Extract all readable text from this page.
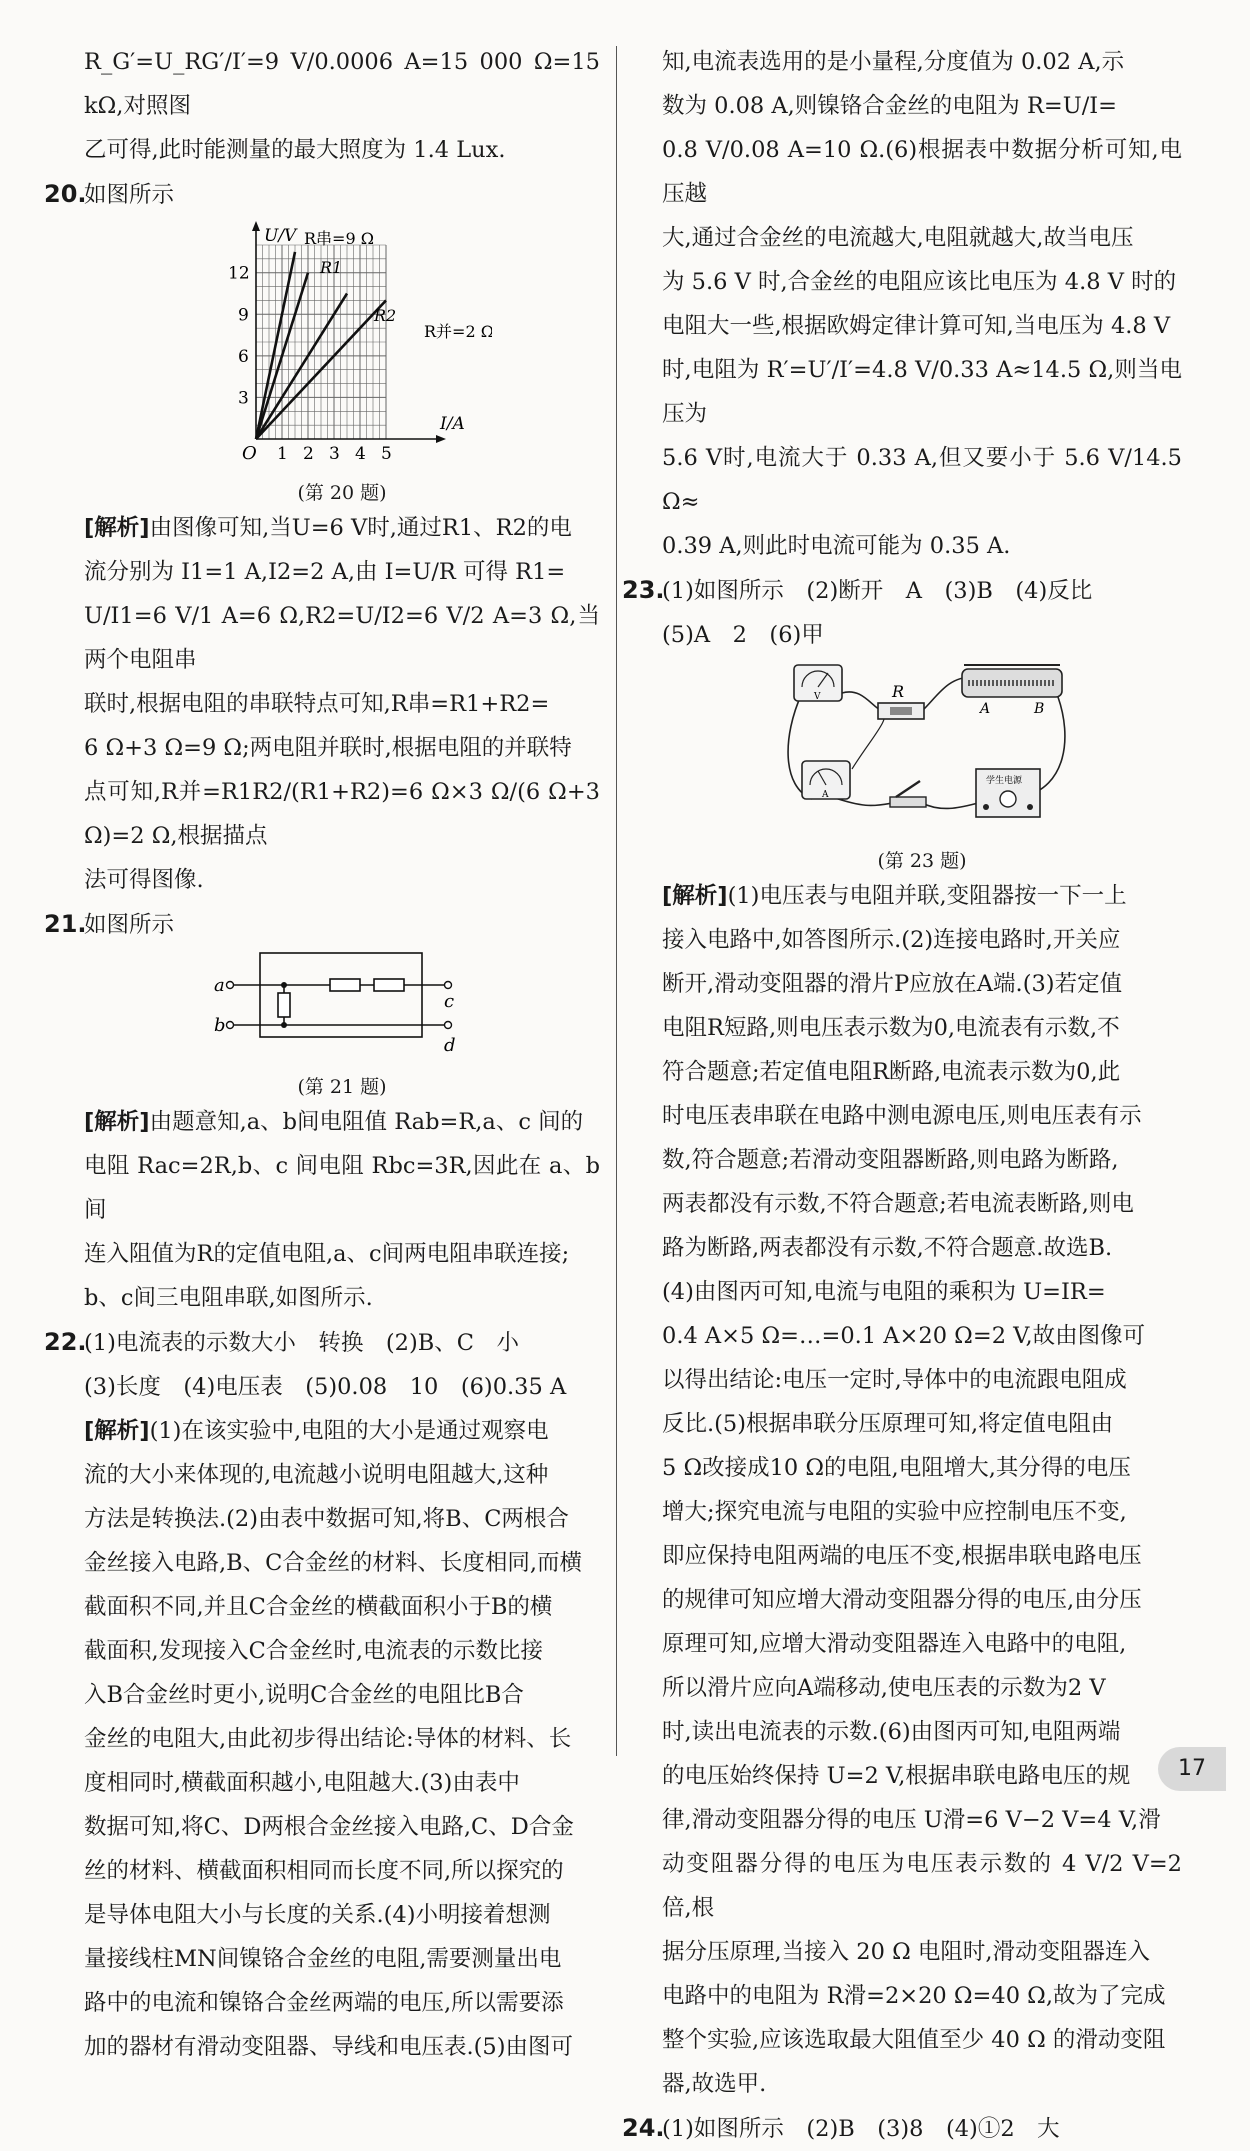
R_G′=U_RG′/I′=9 V/0.0006 A=15 000 Ω=15 kΩ,对照图

乙可得,此时能测量的最大照度为 1.4 Lux.

20.如图所示

U/V
I/A
O
R串=9 Ω
R1
R2
R并=2 Ω
1 2 3 4 5
3
6
9
12
(第 20 题)

[解析]由图像可知,当U=6 V时,通过R1、R2的电

流分别为 I1=1 A,I2=2 A,由 I=U/R 可得 R1=

U/I1=6 V/1 A=6 Ω,R2=U/I2=6 V/2 A=3 Ω,当两个电阻串

联时,根据电阻的串联特点可知,R串=R1+R2=

6 Ω+3 Ω=9 Ω;两电阻并联时,根据电阻的并联特

点可知,R并=R1R2/(R1+R2)=6 Ω×3 Ω/(6 Ω+3 Ω)=2 Ω,根据描点

法可得图像.

21.如图所示

a
b
c
d
(第 21 题)

[解析]由题意知,a、b间电阻值 Rab=R,a、c 间的

电阻 Rac=2R,b、c 间电阻 Rbc=3R,因此在 a、b 间

连入阻值为R的定值电阻,a、c间两电阻串联连接;

b、c间三电阻串联,如图所示.

22.(1)电流表的示数大小　转换　(2)B、C　小

(3)长度　(4)电压表　(5)0.08　10　(6)0.35 A

[解析](1)在该实验中,电阻的大小是通过观察电

流的大小来体现的,电流越小说明电阻越大,这种

方法是转换法.(2)由表中数据可知,将B、C两根合

金丝接入电路,B、C合金丝的材料、长度相同,而横

截面积不同,并且C合金丝的横截面积小于B的横

截面积,发现接入C合金丝时,电流表的示数比接

入B合金丝时更小,说明C合金丝的电阻比B合

金丝的电阻大,由此初步得出结论:导体的材料、长

度相同时,横截面积越小,电阻越大.(3)由表中

数据可知,将C、D两根合金丝接入电路,C、D合金

丝的材料、横截面积相同而长度不同,所以探究的

是导体电阻大小与长度的关系.(4)小明接着想测

量接线柱MN间镍铬合金丝的电阻,需要测量出电

路中的电流和镍铬合金丝两端的电压,所以需要添

加的器材有滑动变阻器、导线和电压表.(5)由图可

知,电流表选用的是小量程,分度值为 0.02 A,示

数为 0.08 A,则镍铬合金丝的电阻为 R=U/I=

0.8 V/0.08 A=10 Ω.(6)根据表中数据分析可知,电压越

大,通过合金丝的电流越大,电阻就越大,故当电压

为 5.6 V 时,合金丝的电阻应该比电压为 4.8 V 时的

电阻大一些,根据欧姆定律计算可知,当电压为 4.8 V

时,电阻为 R′=U′/I′=4.8 V/0.33 A≈14.5 Ω,则当电压为

5.6 V时,电流大于 0.33 A,但又要小于 5.6 V/14.5 Ω≈

0.39 A,则此时电流可能为 0.35 A.

23.(1)如图所示　(2)断开　A　(3)B　(4)反比

(5)A　2　(6)甲

V	R
A	B
A
学生电源
(第 23 题)

[解析](1)电压表与电阻并联,变阻器按一下一上

接入电路中,如答图所示.(2)连接电路时,开关应

断开,滑动变阻器的滑片P应放在A端.(3)若定值

电阻R短路,则电压表示数为0,电流表有示数,不

符合题意;若定值电阻R断路,电流表示数为0,此

时电压表串联在电路中测电源电压,则电压表有示

数,符合题意;若滑动变阻器断路,则电路为断路,

两表都没有示数,不符合题意;若电流表断路,则电

路为断路,两表都没有示数,不符合题意.故选B.

(4)由图丙可知,电流与电阻的乘积为 U=IR=

0.4 A×5 Ω=…=0.1 A×20 Ω=2 V,故由图像可

以得出结论:电压一定时,导体中的电流跟电阻成

反比.(5)根据串联分压原理可知,将定值电阻由

5 Ω改接成10 Ω的电阻,电阻增大,其分得的电压

增大;探究电流与电阻的实验中应控制电压不变,

即应保持电阻两端的电压不变,根据串联电路电压

的规律可知应增大滑动变阻器分得的电压,由分压

原理可知,应增大滑动变阻器连入电路中的电阻,

所以滑片应向A端移动,使电压表的示数为2 V

时,读出电流表的示数.(6)由图丙可知,电阻两端

的电压始终保持 U=2 V,根据串联电路电压的规

律,滑动变阻器分得的电压 U滑=6 V−2 V=4 V,滑

动变阻器分得的电压为电压表示数的 4 V/2 V=2 倍,根

据分压原理,当接入 20 Ω 电阻时,滑动变阻器连入

电路中的电阻为 R滑=2×20 Ω=40 Ω,故为了完成

整个实验,应该选取最大阻值至少 40 Ω 的滑动变阻

器,故选甲.

24.(1)如图所示　(2)B　(3)8　(4)①2　大

17
